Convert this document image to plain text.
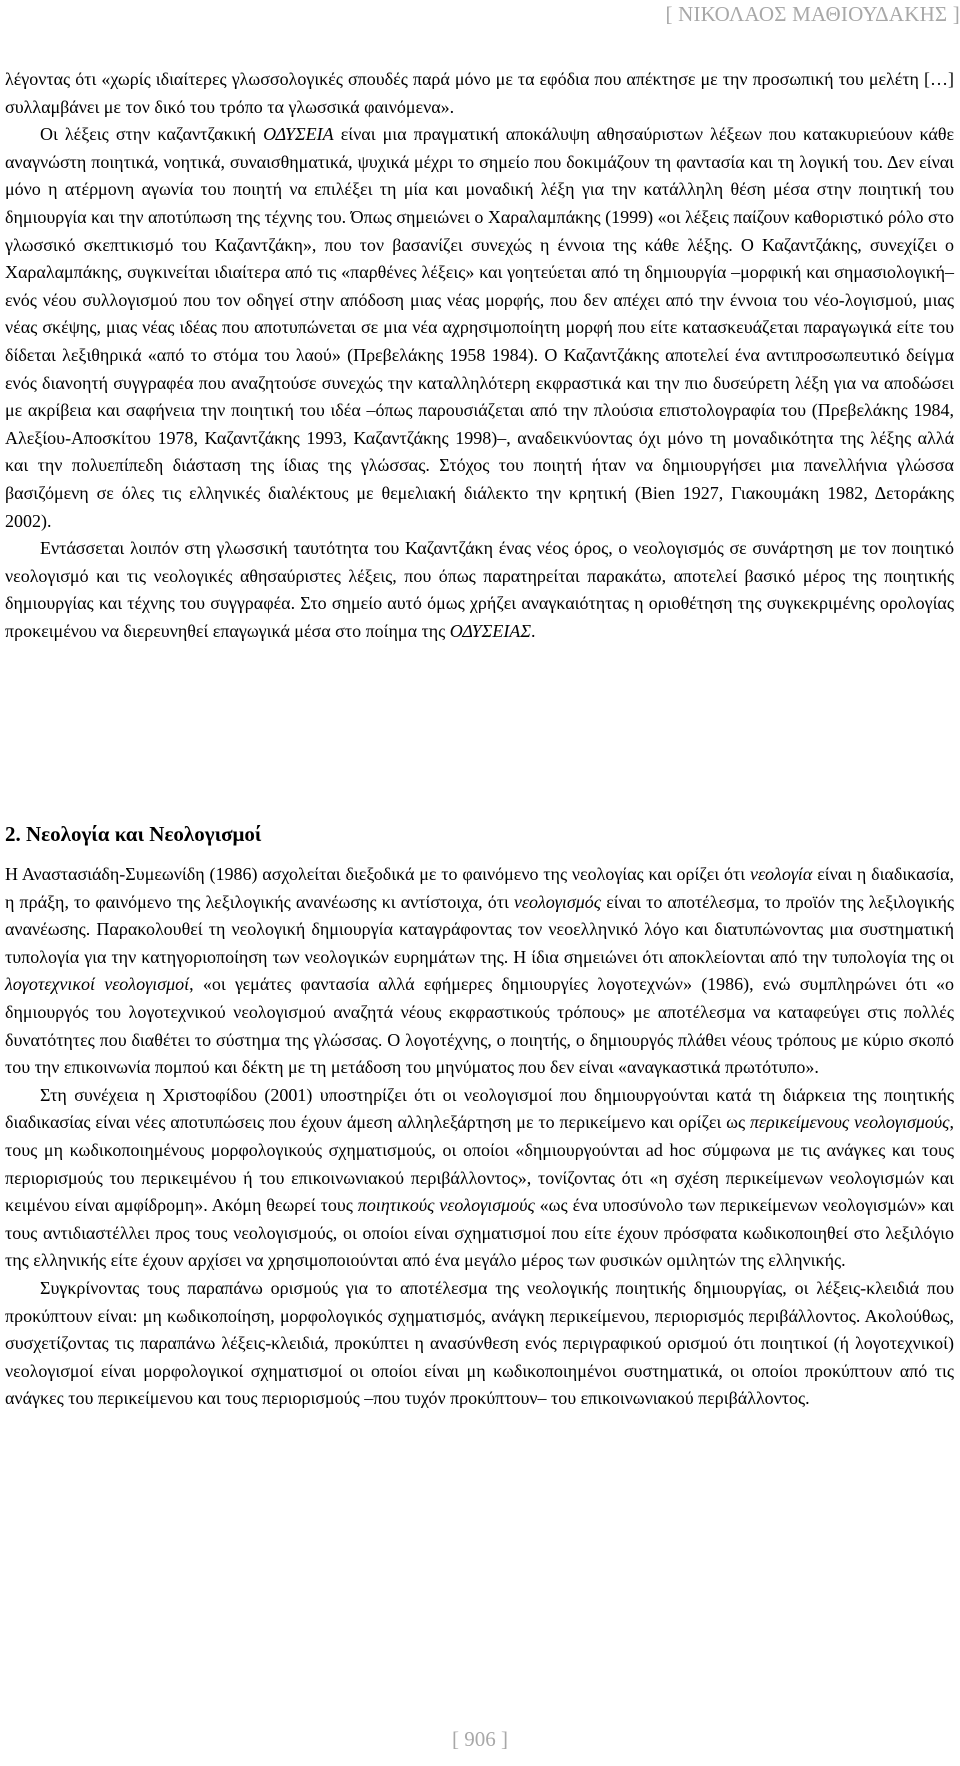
[ ΝΙΚΟΛΑΟΣ ΜΑΘΙΟΥΔΑΚΗΣ ]

λέγοντας ότι «χωρίς ιδιαίτερες γλωσσολογικές σπουδές παρά μόνο με τα εφόδια που απέκτησε με την προσωπική του μελέτη […] συλλαμβάνει με τον δικό του τρόπο τα γλωσσικά φαινόμενα».

Οι λέξεις στην καζαντζακική ΟΔΥΣΕΙΑ είναι μια πραγματική αποκάλυψη αθησαύριστων λέξεων που κατακυριεύουν κάθε αναγνώστη ποιητικά, νοητικά, συναισθηματικά, ψυχικά μέχρι το σημείο που δοκιμάζουν τη φαντασία και τη λογική του. Δεν είναι μόνο η ατέρμονη αγωνία του ποιητή να επιλέξει τη μία και μοναδική λέξη για την κατάλληλη θέση μέσα στην ποιητική του δημιουργία και την αποτύπωση της τέχνης του. Όπως σημειώνει ο Χαραλαμπάκης (1999) «οι λέξεις παίζουν καθοριστικό ρόλο στο γλωσσικό σκεπτικισμό του Καζαντζάκη», που τον βασανίζει συνεχώς η έννοια της κάθε λέξης. Ο Καζαντζάκης, συνεχίζει ο Χαραλαμπάκης, συγκινείται ιδιαίτερα από τις «παρθένες λέξεις» και γοητεύεται από τη δημιουργία –μορφική και σημασιολογική– ενός νέου συλλογισμού που τον οδηγεί στην απόδοση μιας νέας μορφής, που δεν απέχει από την έννοια του νέο-λογισμού, μιας νέας σκέψης, μιας νέας ιδέας που αποτυπώνεται σε μια νέα αχρησιμοποίητη μορφή που είτε κατασκευάζεται παραγωγικά είτε του δίδεται λεξιθηρικά «από το στόμα του λαού» (Πρεβελάκης 1958 1984). Ο Καζαντζάκης αποτελεί ένα αντιπροσωπευτικό δείγμα ενός διανοητή συγγραφέα που αναζητούσε συνεχώς την καταλληλότερη εκφραστικά και την πιο δυσεύρετη λέξη για να αποδώσει με ακρίβεια και σαφήνεια την ποιητική του ιδέα –όπως παρουσιάζεται από την πλούσια επιστολογραφία του (Πρεβελάκης 1984, Αλεξίου-Αποσκίτου 1978, Καζαντζάκης 1993, Καζαντζάκης 1998)–, αναδεικνύοντας όχι μόνο τη μοναδικότητα της λέξης αλλά και την πολυεπίπεδη διάσταση της ίδιας της γλώσσας. Στόχος του ποιητή ήταν να δημιουργήσει μια πανελλήνια γλώσσα βασιζόμενη σε όλες τις ελληνικές διαλέκτους με θεμελιακή διάλεκτο την κρητική (Bien 1927, Γιακουμάκη 1982, Δετοράκης 2002).

Εντάσσεται λοιπόν στη γλωσσική ταυτότητα του Καζαντζάκη ένας νέος όρος, ο νεολογισμός σε συνάρτηση με τον ποιητικό νεολογισμό και τις νεολογικές αθησαύριστες λέξεις, που όπως παρατηρείται παρακάτω, αποτελεί βασικό μέρος της ποιητικής δημιουργίας και τέχνης του συγγραφέα. Στο σημείο αυτό όμως χρήζει αναγκαιότητας η οριοθέτηση της συγκεκριμένης ορολογίας προκειμένου να διερευνηθεί επαγωγικά μέσα στο ποίημα της ΟΔΥΣΕΙΑΣ.

2. Νεολογία και Νεολογισμοί

Η Αναστασιάδη-Συμεωνίδη (1986) ασχολείται διεξοδικά με το φαινόμενο της νεολογίας και ορίζει ότι νεολογία είναι η διαδικασία, η πράξη, το φαινόμενο της λεξιλογικής ανανέωσης κι αντίστοιχα, ότι νεολογισμός είναι το αποτέλεσμα, το προϊόν της λεξιλογικής ανανέωσης. Παρακολουθεί τη νεολογική δημιουργία καταγράφοντας τον νεοελληνικό λόγο και διατυπώνοντας μια συστηματική τυπολογία για την κατηγοριοποίηση των νεολογικών ευρημάτων της. Η ίδια σημειώνει ότι αποκλείονται από την τυπολογία της οι λογοτεχνικοί νεολογισμοί, «οι γεμάτες φαντασία αλλά εφήμερες δημιουργίες λογοτεχνών» (1986), ενώ συμπληρώνει ότι «ο δημιουργός του λογοτεχνικού νεολογισμού αναζητά νέους εκφραστικούς τρόπους» με αποτέλεσμα να καταφεύγει στις πολλές δυνατότητες που διαθέτει το σύστημα της γλώσσας. Ο λογοτέχνης, ο ποιητής, ο δημιουργός πλάθει νέους τρόπους με κύριο σκοπό του την επικοινωνία πομπού και δέκτη με τη μετάδοση του μηνύματος που δεν είναι «αναγκαστικά πρωτότυπο».

Στη συνέχεια η Χριστοφίδου (2001) υποστηρίζει ότι οι νεολογισμοί που δημιουργούνται κατά τη διάρκεια της ποιητικής διαδικασίας είναι νέες αποτυπώσεις που έχουν άμεση αλληλεξάρτηση με το περικείμενο και ορίζει ως περικείμενους νεολογισμούς, τους μη κωδικοποιημένους μορφολογικούς σχηματισμούς, οι οποίοι «δημιουργούνται ad hoc σύμφωνα με τις ανάγκες και τους περιορισμούς του περικειμένου ή του επικοινωνιακού περιβάλλοντος», τονίζοντας ότι «η σχέση περικείμενων νεολογισμών και κειμένου είναι αμφίδρομη». Ακόμη θεωρεί τους ποιητικούς νεολογισμούς «ως ένα υποσύνολο των περικείμενων νεολογισμών» και τους αντιδιαστέλλει προς τους νεολογισμούς, οι οποίοι είναι σχηματισμοί που είτε έχουν πρόσφατα κωδικοποιηθεί στο λεξιλόγιο της ελληνικής είτε έχουν αρχίσει να χρησιμοποιούνται από ένα μεγάλο μέρος των φυσικών ομιλητών της ελληνικής.

Συγκρίνοντας τους παραπάνω ορισμούς για το αποτέλεσμα της νεολογικής ποιητικής δημιουργίας, οι λέξεις-κλειδιά που προκύπτουν είναι: μη κωδικοποίηση, μορφολογικός σχηματισμός, ανάγκη περικείμενου, περιορισμός περιβάλλοντος. Ακολούθως, συσχετίζοντας τις παραπάνω λέξεις-κλειδιά, προκύπτει η ανασύνθεση ενός περιγραφικού ορισμού ότι ποιητικοί (ή λογοτεχνικοί) νεολογισμοί είναι μορφολογικοί σχηματισμοί οι οποίοι είναι μη κωδικοποιημένοι συστηματικά, οι οποίοι προκύπτουν από τις ανάγκες του περικείμενου και τους περιορισμούς –που τυχόν προκύπτουν– του επικοινωνιακού περιβάλλοντος.

[ 906 ]
